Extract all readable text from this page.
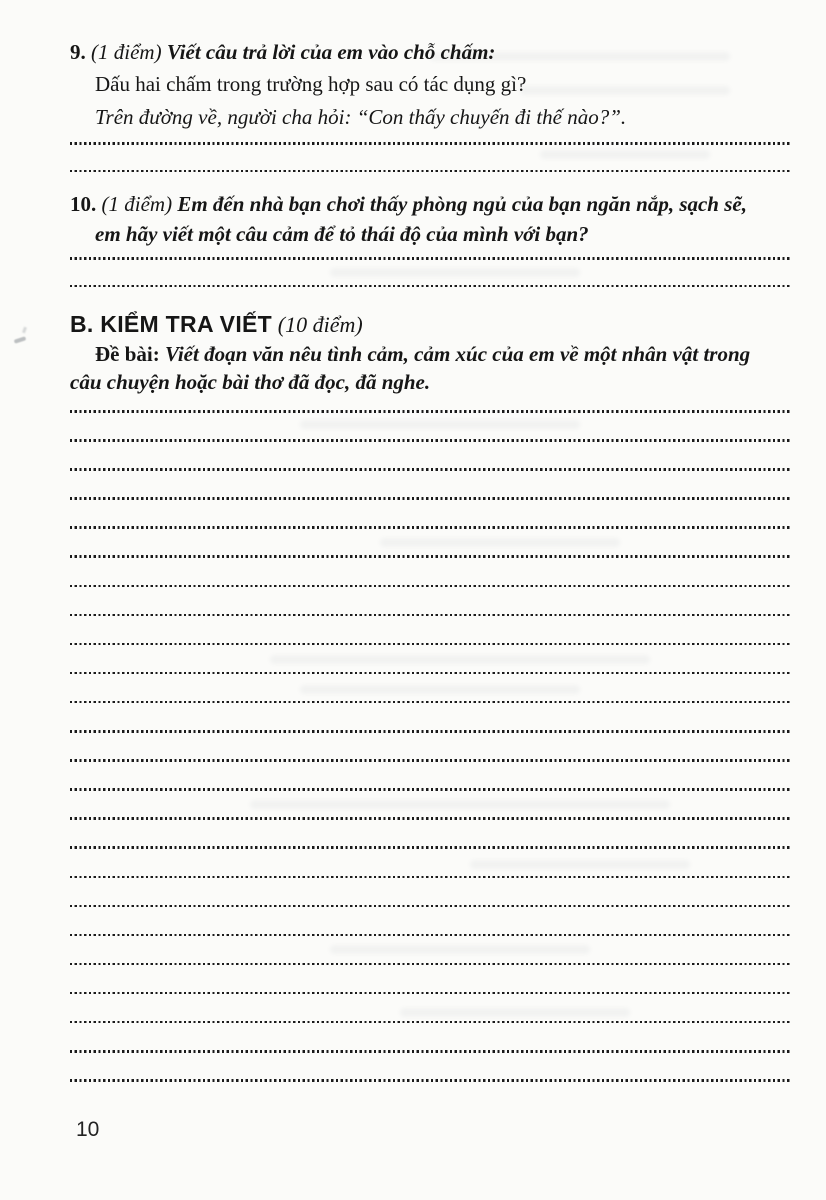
9. (1 điểm) Viết câu trả lời của em vào chỗ chấm:
Dấu hai chấm trong trường hợp sau có tác dụng gì?
Trên đường về, người cha hỏi: “Con thấy chuyến đi thế nào?”.
10. (1 điểm) Em đến nhà bạn chơi thấy phòng ngủ của bạn ngăn nắp, sạch sẽ,
em hãy viết một câu cảm để tỏ thái độ của mình với bạn?
B. KIỂM TRA VIẾT (10 điểm)
Đề bài: Viết đoạn văn nêu tình cảm, cảm xúc của em về một nhân vật trong
câu chuyện hoặc bài thơ đã đọc, đã nghe.
10
